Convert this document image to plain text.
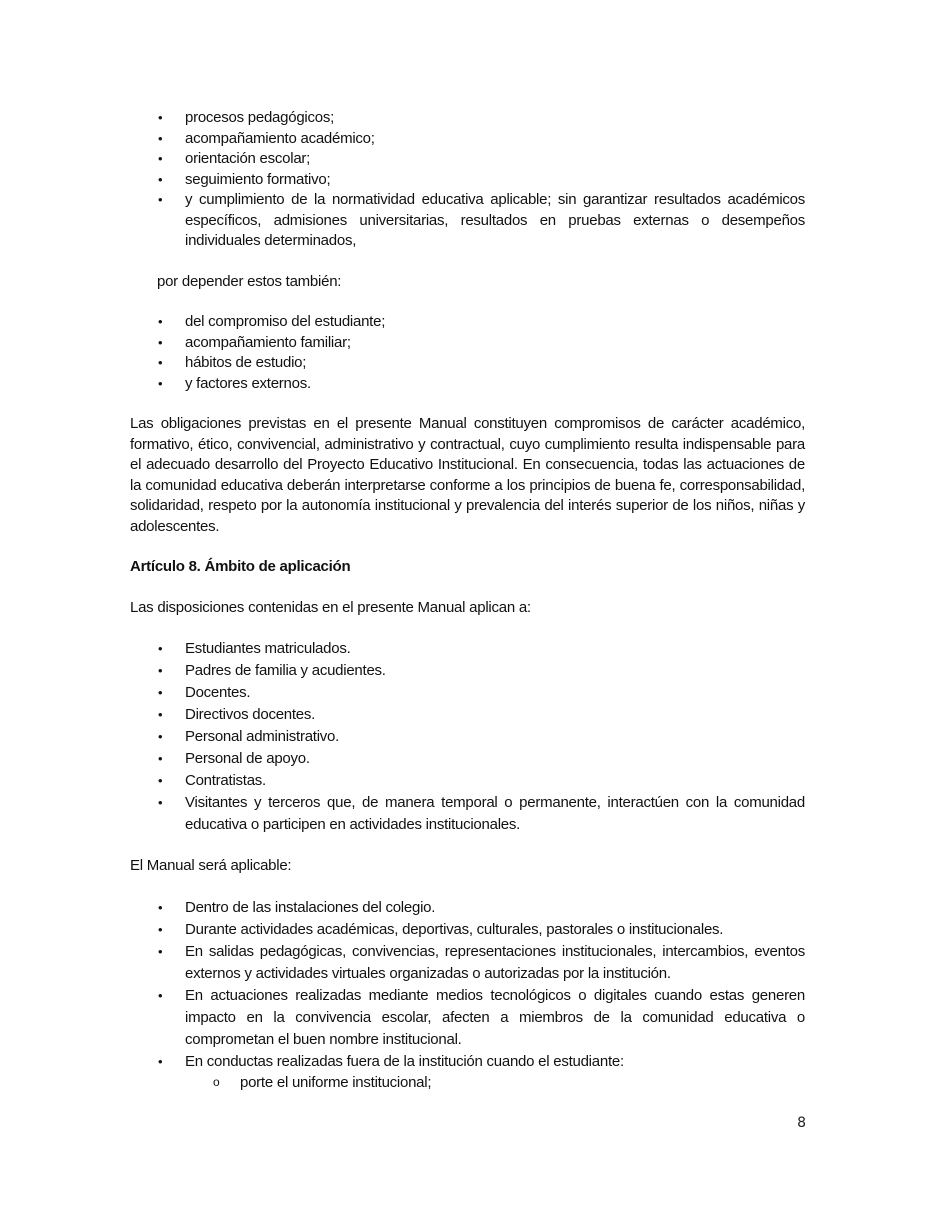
• procesos pedagógicos;
• acompañamiento académico;
• orientación escolar;
• seguimiento formativo;
• y cumplimiento de la normatividad educativa aplicable; sin garantizar resultados académicos específicos, admisiones universitarias, resultados en pruebas externas o desempeños individuales determinados,

por depender estos también:

• del compromiso del estudiante;
• acompañamiento familiar;
• hábitos de estudio;
• y factores externos.

Las obligaciones previstas en el presente Manual constituyen compromisos de carácter académico, formativo, ético, convivencial, administrativo y contractual, cuyo cumplimiento resulta indispensable para el adecuado desarrollo del Proyecto Educativo Institucional. En consecuencia, todas las actuaciones de la comunidad educativa deberán interpretarse conforme a los principios de buena fe, corresponsabilidad, solidaridad, respeto por la autonomía institucional y prevalencia del interés superior de los niños, niñas y adolescentes.

Artículo 8. Ámbito de aplicación

Las disposiciones contenidas en el presente Manual aplican a:

• Estudiantes matriculados.
• Padres de familia y acudientes.
• Docentes.
• Directivos docentes.
• Personal administrativo.
• Personal de apoyo.
• Contratistas.
• Visitantes y terceros que, de manera temporal o permanente, interactúen con la comunidad educativa o participen en actividades institucionales.

El Manual será aplicable:

• Dentro de las instalaciones del colegio.
• Durante actividades académicas, deportivas, culturales, pastorales o institucionales.
• En salidas pedagógicas, convivencias, representaciones institucionales, intercambios, eventos externos y actividades virtuales organizadas o autorizadas por la institución.
• En actuaciones realizadas mediante medios tecnológicos o digitales cuando estas generen impacto en la convivencia escolar, afecten a miembros de la comunidad educativa o comprometan el buen nombre institucional.
• En conductas realizadas fuera de la institución cuando el estudiante:
o porte el uniforme institucional;
8
